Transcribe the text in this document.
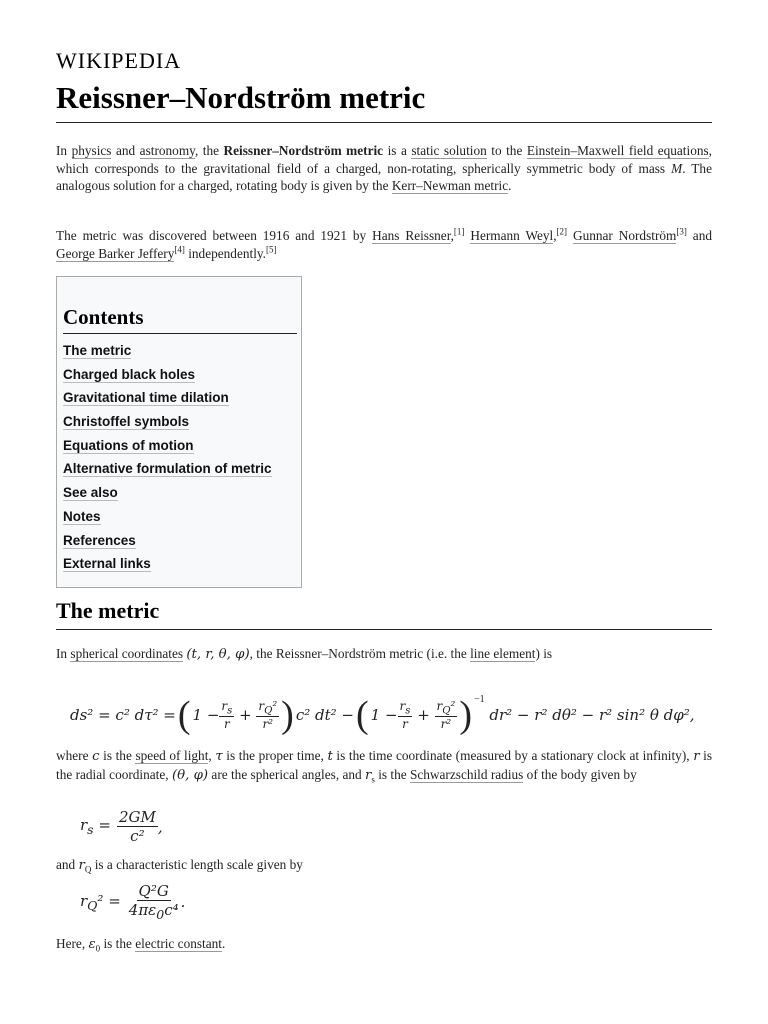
WIKIPEDIA
Reissner–Nordström metric

In physics and astronomy, the Reissner–Nordström metric is a static solution to the Einstein–Maxwell field equations, which corresponds to the gravitational field of a charged, non-rotating, spherically symmetric body of mass M. The analogous solution for a charged, rotating body is given by the Kerr–Newman metric.

The metric was discovered between 1916 and 1921 by Hans Reissner,[1] Hermann Weyl,[2] Gunnar Nordström[3] and George Barker Jeffery[4] independently.[5]

Contents
The metric
Charged black holes
Gravitational time dilation
Christoffel symbols
Equations of motion
Alternative formulation of metric
See also
Notes
References
External links
The metric

In spherical coordinates (t, r, θ, φ), the Reissner–Nordström metric (i.e. the line element) is

ds² = c² dτ² = ( $1 - \frac{r_s}{r} + \frac{r_Q^2}{\text{r²}}$ ) c² dt² − ( $1 - \frac{r_s}{r} + \frac{r_Q^2}{\text{r²}} )^{-1}$
dr² − r² dθ² − r² sin² θ dφ²,

where c is the speed of light, τ is the proper time, t is the time coordinate (measured by a stationary clock at infinity), r is the radial coordinate, (θ, φ) are the spherical angles, and $r_s$ is the Schwarzschild radius of the body given by

$r_s = \frac{2GM}{\text{c²}}$ ,

and $r_Q$ is a characteristic length scale given by

$r_Q^2 = \frac{\text{Q²G}}{4\pi\varepsilon_0c^4}$ .

Here, $\varepsilon_0$ is the electric constant.
